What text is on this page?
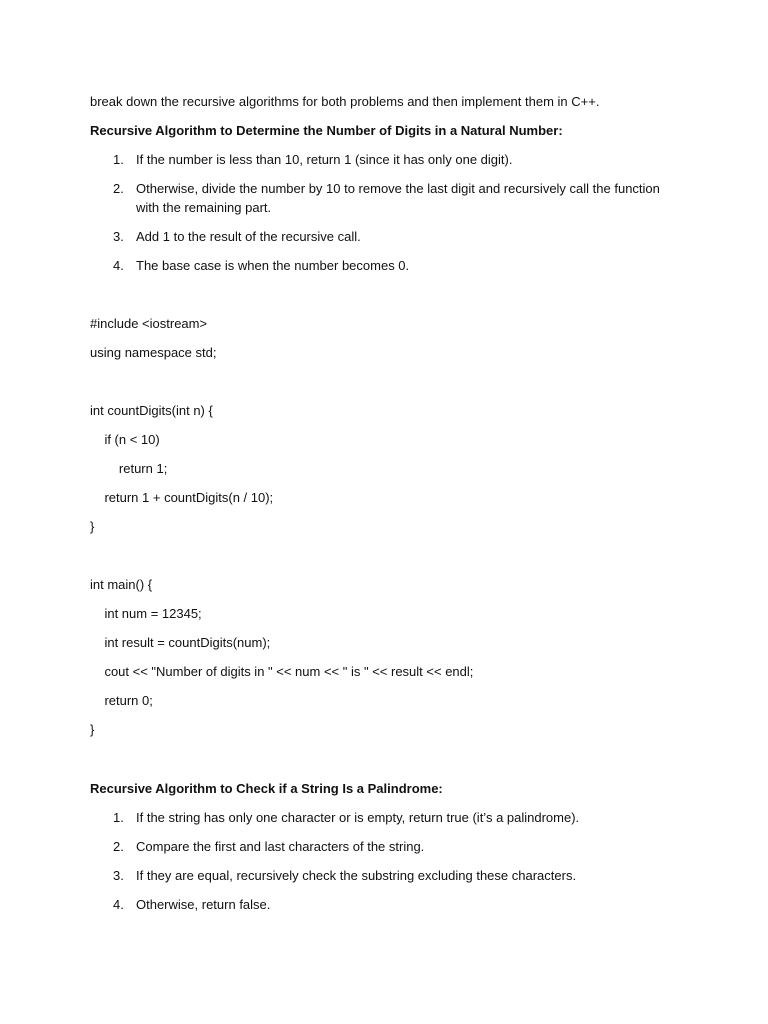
break down the recursive algorithms for both problems and then implement them in C++.
Recursive Algorithm to Determine the Number of Digits in a Natural Number:
1. If the number is less than 10, return 1 (since it has only one digit).
2. Otherwise, divide the number by 10 to remove the last digit and recursively call the function with the remaining part.
3. Add 1 to the result of the recursive call.
4. The base case is when the number becomes 0.
#include <iostream>
using namespace std;
int countDigits(int n) {
if (n < 10)
return 1;
return 1 + countDigits(n / 10);
}
int main() {
int num = 12345;
int result = countDigits(num);
cout << "Number of digits in " << num << " is " << result << endl;
return 0;
}
Recursive Algorithm to Check if a String Is a Palindrome:
1. If the string has only one character or is empty, return true (it’s a palindrome).
2. Compare the first and last characters of the string.
3. If they are equal, recursively check the substring excluding these characters.
4. Otherwise, return false.
